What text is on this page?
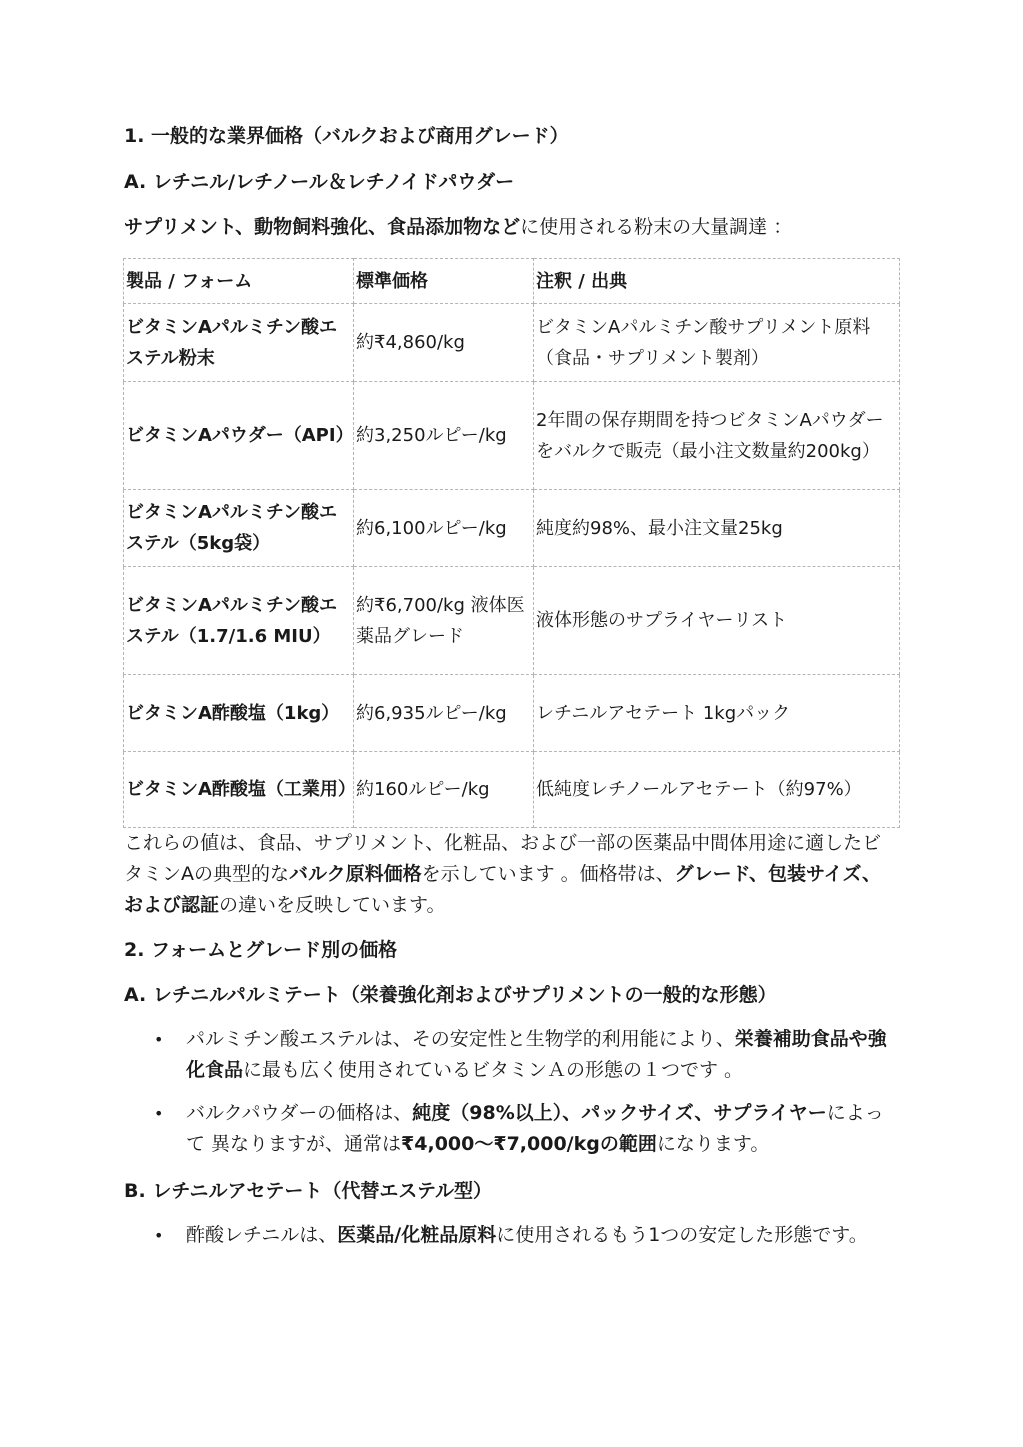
1. 一般的な業界価格（バルクおよび商用グレード）
A. レチニル/レチノール＆レチノイドパウダー
サプリメント、動物飼料強化、食品添加物などに使用される粉末の大量調達 ：
製品 / フォーム	標準価格	注釈 / 出典
ビタミンAパルミチン酸エステル粉末	約₹4,860/kg	ビタミンAパルミチン酸サプリメント原料（食品・サプリメント製剤）
ビタミンAパウダー（API）	約3,250ルピー/kg	2年間の保存期間を持つビタミンAパウダーをバルクで販売（最小注文数量約200kg）
ビタミンAパルミチン酸エステル（5kg袋）	約6,100ルピー/kg	純度約98%、最小注文量25kg
ビタミンAパルミチン酸エステル（1.7/1.6 MIU）	約₹6,700/kg 液体医薬品グレード	液体形態のサプライヤーリスト
ビタミンA酢酸塩（1kg）	約6,935ルピー/kg	レチニルアセテート 1kgパック
ビタミンA酢酸塩（工業用）	約160ルピー/kg	低純度レチノールアセテート（約97%）

これらの値は、食品、サプリメント、化粧品、および一部の医薬品中間体用途に適したビタミンAの典型的なバルク原料価格を示しています 。価格帯は、グレード、包装サイズ、および認証の違いを反映しています。

2. フォームとグレード別の価格
A. レチニルパルミテート（栄養強化剤およびサプリメントの一般的な形態）
• パルミチン酸エステルは、その安定性と生物学的利用能により、栄養補助食品や強化食品に最も広く使用されているビタミンＡの形態の１つです 。
• バルクパウダーの価格は、純度（98%以上）、パックサイズ、サプライヤーによって 異なりますが、通常は₹4,000～₹7,000/kgの範囲になります。
B. レチニルアセテート（代替エステル型）
• 酢酸レチニルは、医薬品/化粧品原料に使用されるもう1つの安定した形態です。
